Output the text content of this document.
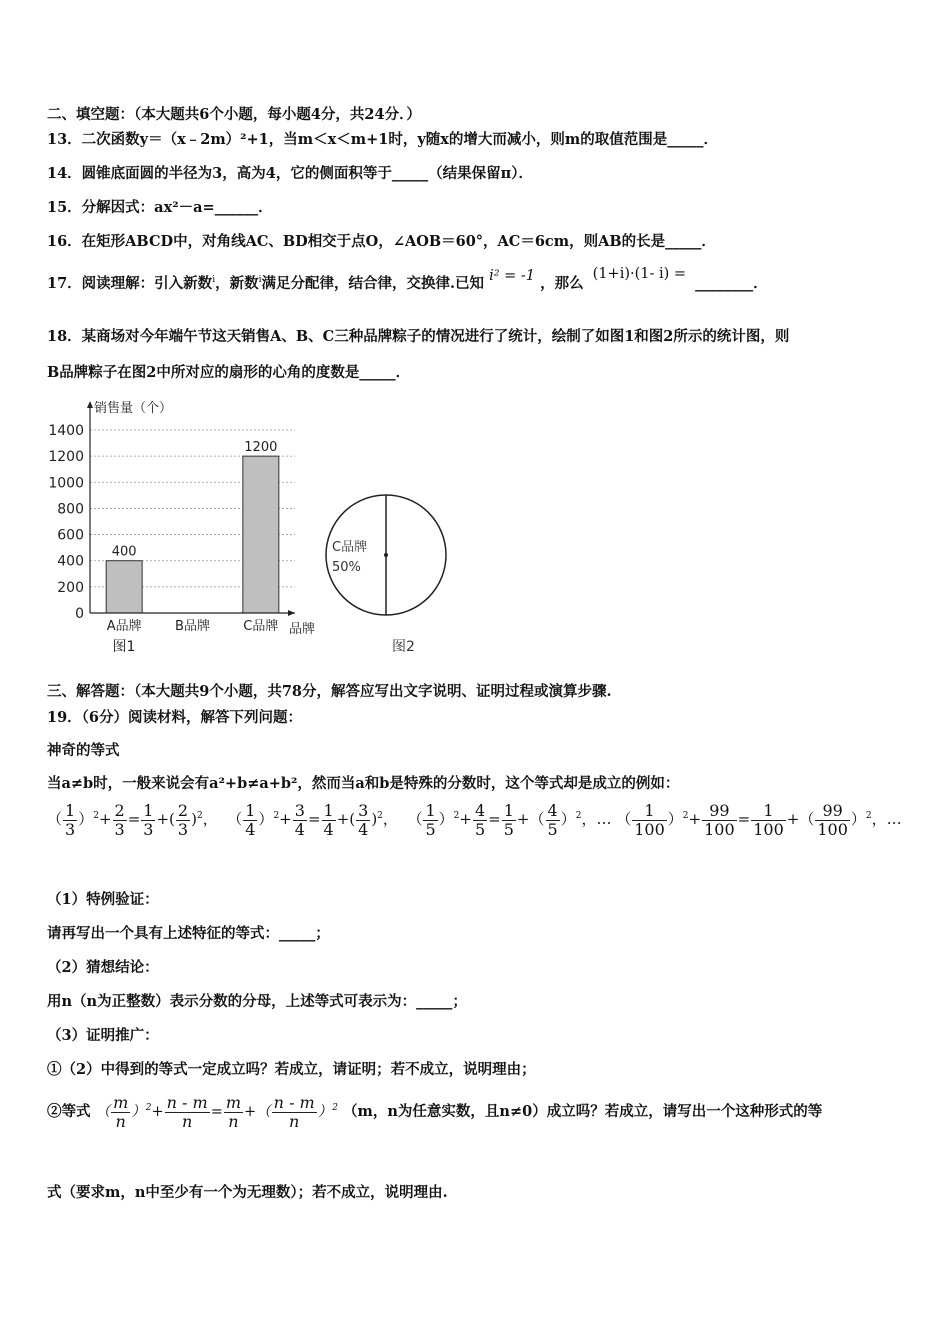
二、填空题：（本大题共6个小题，每小题4分，共24分．）
13．二次函数y＝（x﹣2m）²+1，当m＜x＜m+1时，y随x的增大而减小，则m的取值范围是_____．
14．圆锥底面圆的半径为3，高为4，它的侧面积等于_____（结果保留π）．
15．分解因式：ax²－a=______．
16．在矩形ABCD中，对角线AC、BD相交于点O，∠AOB＝60°，AC＝6cm，则AB的长是_____．
17．阅读理解：引入新数$^i$，新数$^i$满足分配律，结合律，交换律.已知 i² = -1 ，那么 (1+i)·(1- i) = ________．
18．某商场对今年端午节这天销售A、B、C三种品牌粽子的情况进行了统计，绘制了如图1和图2所示的统计图，则
B品牌粽子在图2中所对应的扇形的心角的度数是_____．
0
200
400
600
800
1000
1200
1400
400
A品牌	B品牌
1200
C品牌
销售量（个）
品牌
图1
C品牌
50%
图2
三、解答题：（本大题共9个小题，共78分，解答应写出文字说明、证明过程或演算步骤.
19．（6分）阅读材料，解答下列问题：
神奇的等式
当a≠b时，一般来说会有a²+b≠a+b²，然而当a和b是特殊的分数时，这个等式却是成立的例如：
（ $\frac{1}{3} )^2+ \frac{2}{3} = \frac{1}{3}$ +( $\frac{2}{3} )^2$，  （ $\frac{1}{4} )^2+ \frac{3}{4} = \frac{1}{4}$ +( $\frac{3}{4} )^2$，  （ $\frac{1}{5} )^2+ \frac{4}{5} = \frac{1}{5}$ +（ $\frac{4}{5} )^2$，… （ $\frac{1}{100} )^2+ \frac{99}{100} = \frac{1}{100}$ +（ $\frac{99}{100} )^2$，…
（1）特例验证：
请再写出一个具有上述特征的等式：_____；
（2）猜想结论：
用n（n为正整数）表示分数的分母，上述等式可表示为：_____；
（3）证明推广：
①（2）中得到的等式一定成立吗？若成立，请证明；若不成立，说明理由；
②等式 （ $\frac{m}{n} )^2+ \frac{n - m}{n} = \frac{m}{n}$ +（ $\frac{n - m}{n} )^2$ （m，n为任意实数，且n≠0）成立吗？若成立，请写出一个这种形式的等
式（要求m，n中至少有一个为无理数）；若不成立，说明理由.
